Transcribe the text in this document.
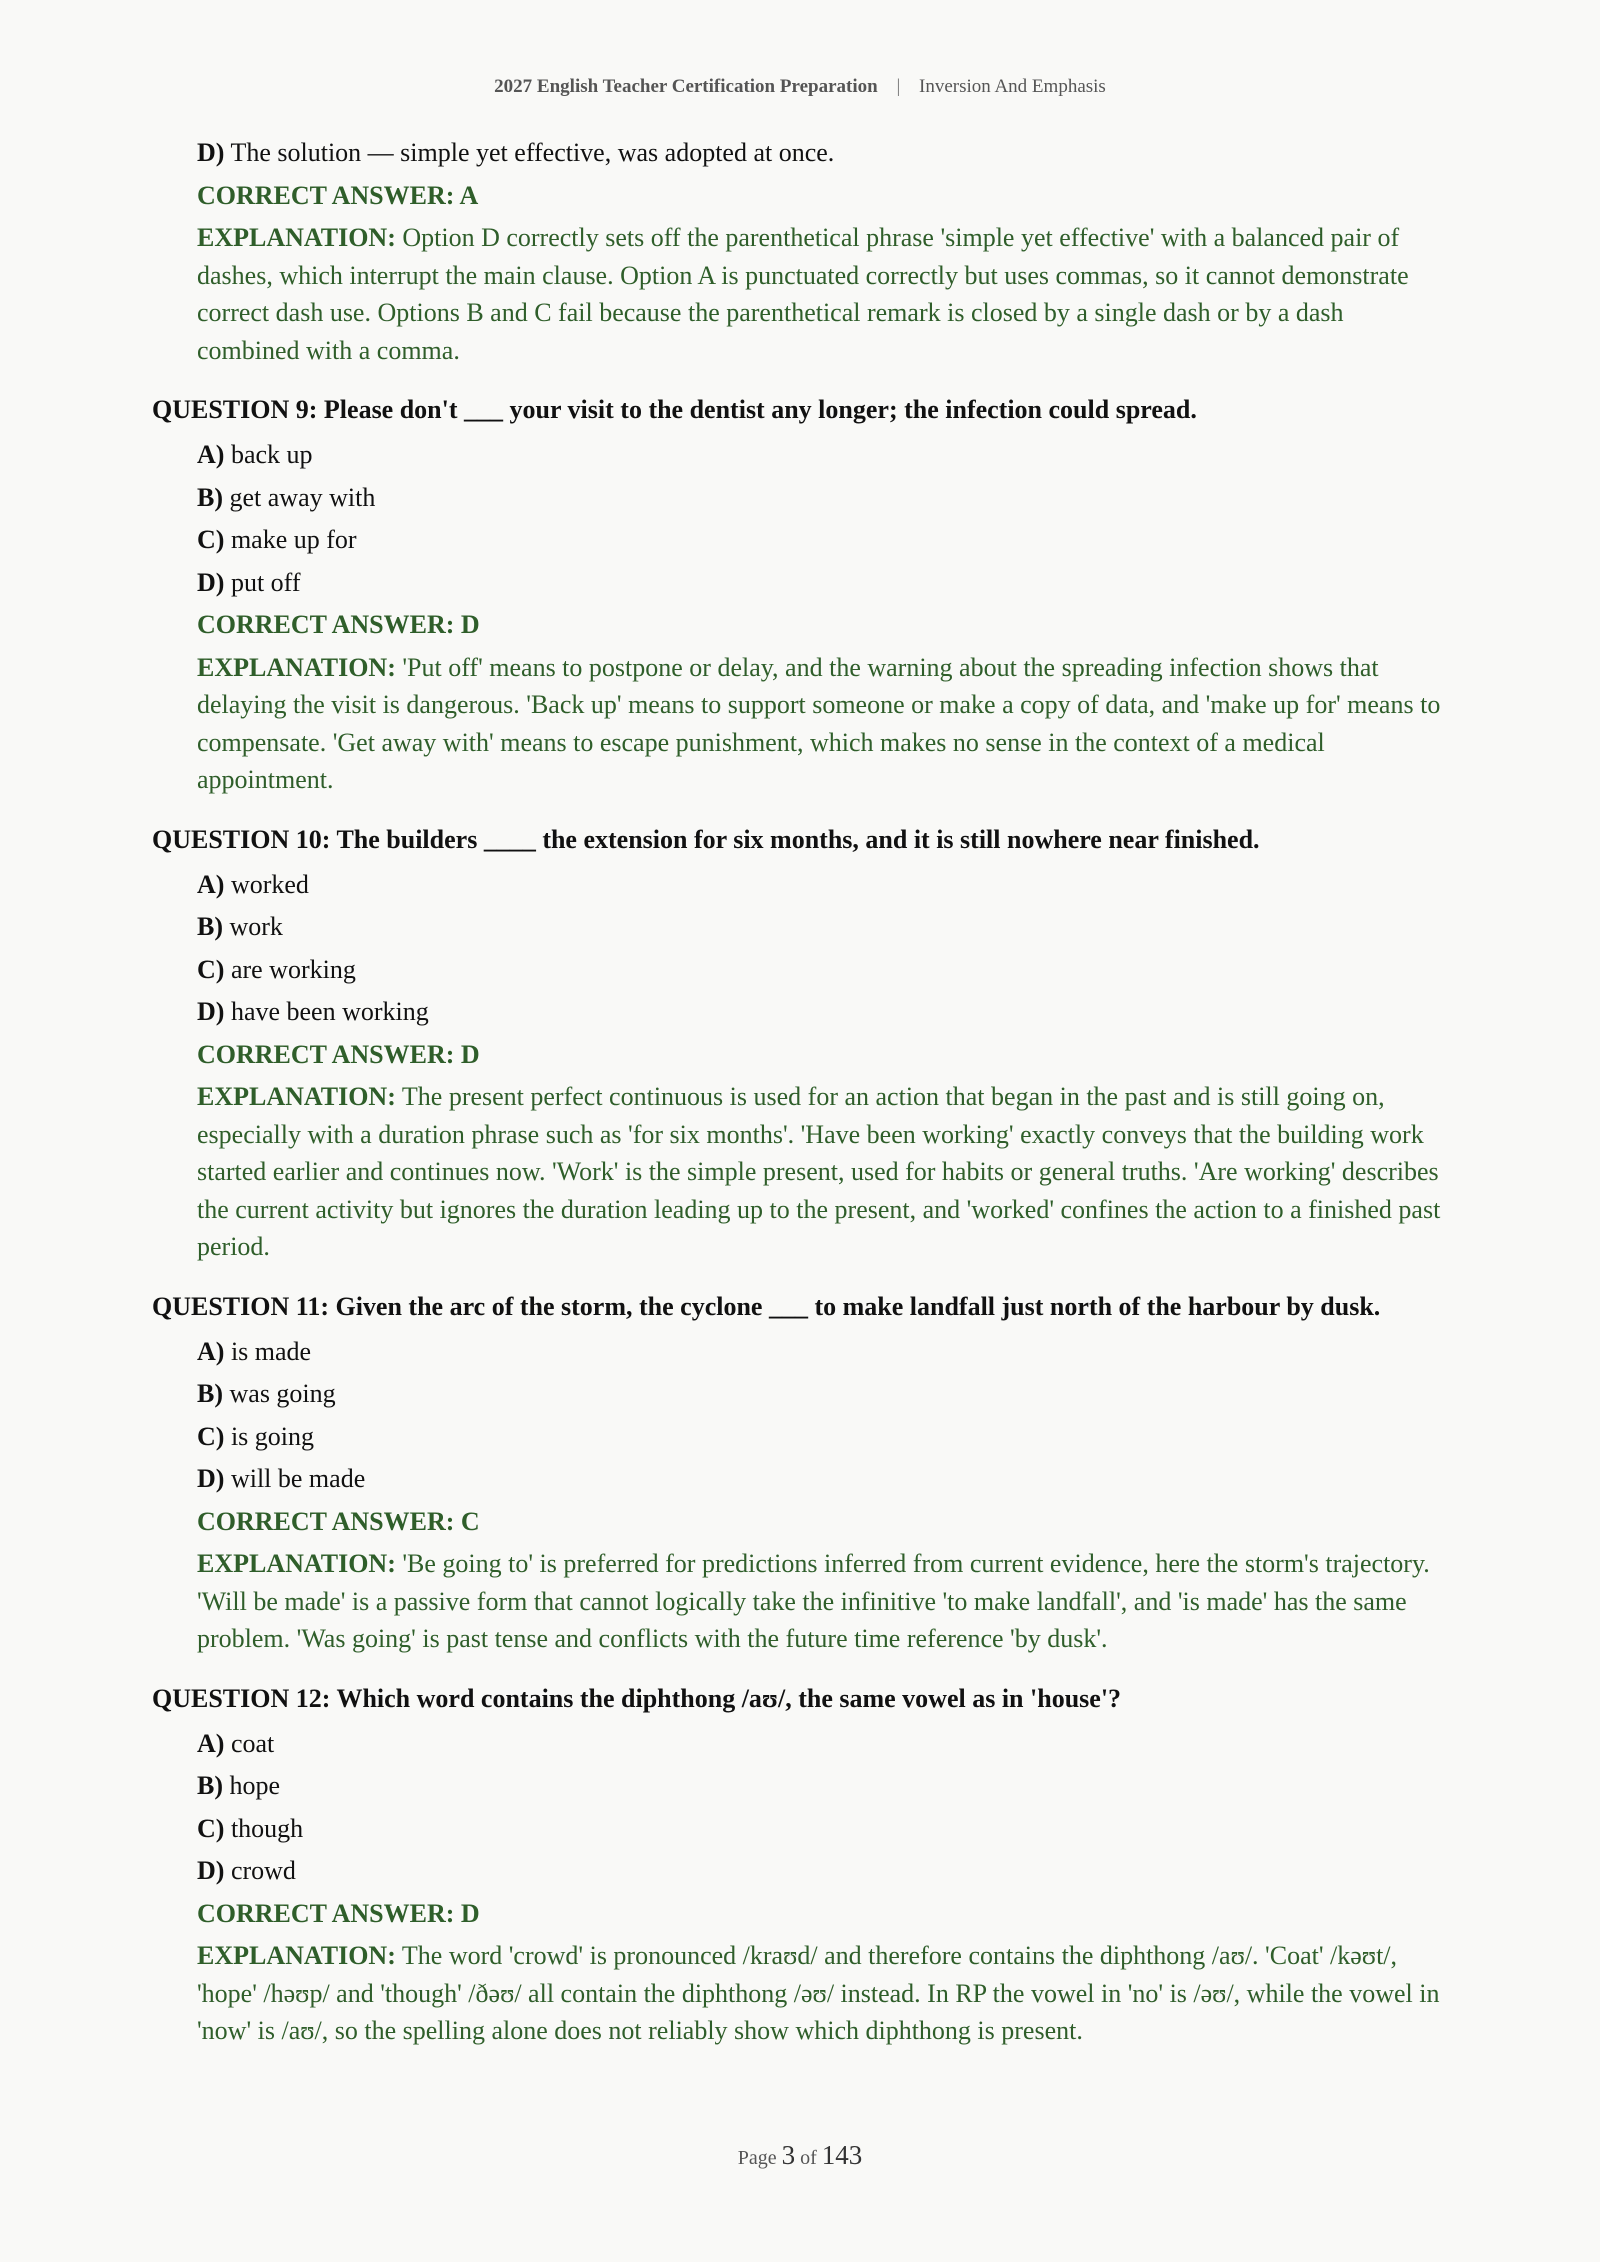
2027 English Teacher Certification Preparation | Inversion And Emphasis
D) The solution — simple yet effective, was adopted at once.
CORRECT ANSWER: A
EXPLANATION: Option D correctly sets off the parenthetical phrase 'simple yet effective' with a balanced pair of dashes, which interrupt the main clause. Option A is punctuated correctly but uses commas, so it cannot demonstrate correct dash use. Options B and C fail because the parenthetical remark is closed by a single dash or by a dash combined with a comma.
QUESTION 9: Please don't ___ your visit to the dentist any longer; the infection could spread.
A) back up
B) get away with
C) make up for
D) put off
CORRECT ANSWER: D
EXPLANATION: 'Put off' means to postpone or delay, and the warning about the spreading infection shows that delaying the visit is dangerous. 'Back up' means to support someone or make a copy of data, and 'make up for' means to compensate. 'Get away with' means to escape punishment, which makes no sense in the context of a medical appointment.
QUESTION 10: The builders ____ the extension for six months, and it is still nowhere near finished.
A) worked
B) work
C) are working
D) have been working
CORRECT ANSWER: D
EXPLANATION: The present perfect continuous is used for an action that began in the past and is still going on, especially with a duration phrase such as 'for six months'. 'Have been working' exactly conveys that the building work started earlier and continues now. 'Work' is the simple present, used for habits or general truths. 'Are working' describes the current activity but ignores the duration leading up to the present, and 'worked' confines the action to a finished past period.
QUESTION 11: Given the arc of the storm, the cyclone ___ to make landfall just north of the harbour by dusk.
A) is made
B) was going
C) is going
D) will be made
CORRECT ANSWER: C
EXPLANATION: 'Be going to' is preferred for predictions inferred from current evidence, here the storm's trajectory. 'Will be made' is a passive form that cannot logically take the infinitive 'to make landfall', and 'is made' has the same problem. 'Was going' is past tense and conflicts with the future time reference 'by dusk'.
QUESTION 12: Which word contains the diphthong /aʊ/, the same vowel as in 'house'?
A) coat
B) hope
C) though
D) crowd
CORRECT ANSWER: D
EXPLANATION: The word 'crowd' is pronounced /kraʊd/ and therefore contains the diphthong /aʊ/. 'Coat' /kəʊt/, 'hope' /həʊp/ and 'though' /ðəʊ/ all contain the diphthong /əʊ/ instead. In RP the vowel in 'no' is /əʊ/, while the vowel in 'now' is /aʊ/, so the spelling alone does not reliably show which diphthong is present.
Page 3 of 143
